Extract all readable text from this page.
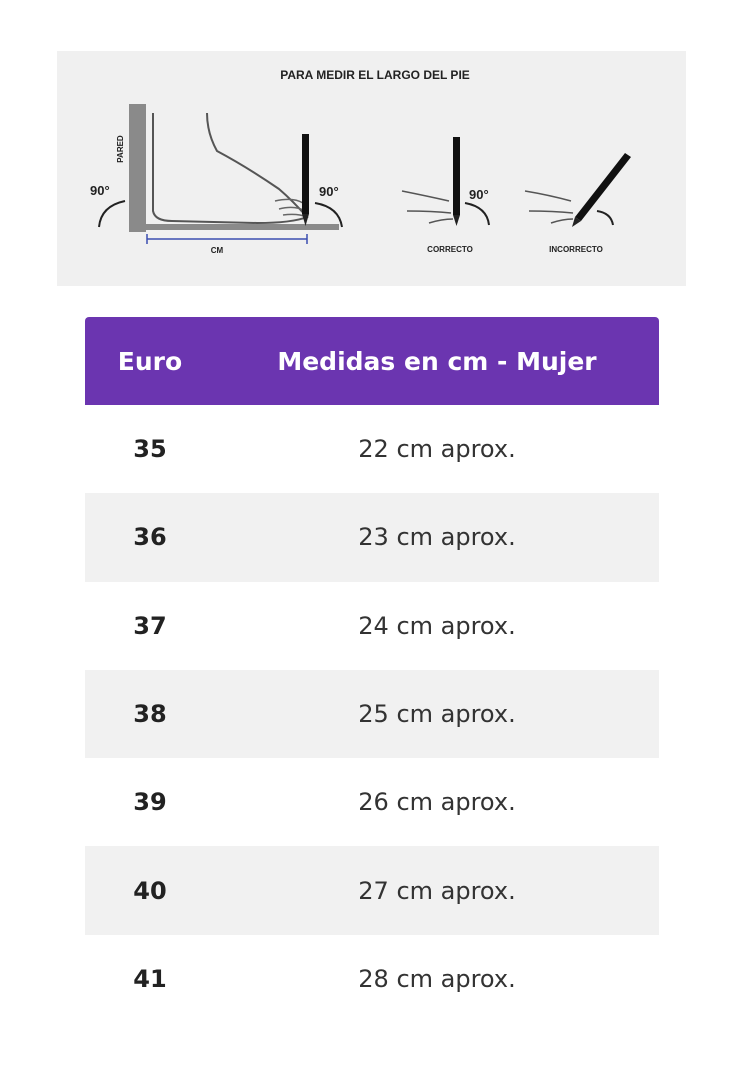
PARA MEDIR EL LARGO DEL PIE
PARED
90°	90°
CM
90°
CORRECTO	INCORRECTO
Euro	Medidas en cm - Mujer
35	22 cm aprox.
36	23 cm aprox.
37	24 cm aprox.
38	25 cm aprox.
39	26 cm aprox.
40	27 cm aprox.
41	28 cm aprox.
